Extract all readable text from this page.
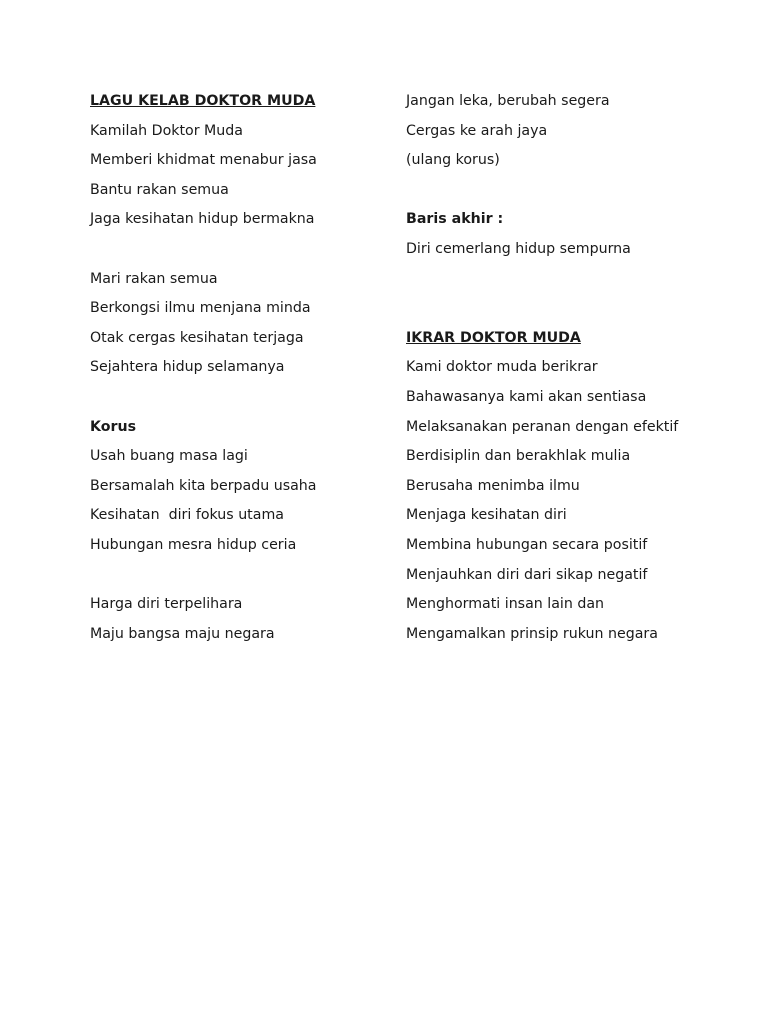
LAGU KELAB DOKTOR MUDA
Kamilah Doktor Muda
Memberi khidmat menabur jasa
Bantu rakan semua
Jaga kesihatan hidup bermakna
Mari rakan semua
Berkongsi ilmu menjana minda
Otak cergas kesihatan terjaga
Sejahtera hidup selamanya
Korus
Usah buang masa lagi
Bersamalah kita berpadu usaha
Kesihatan  diri fokus utama
Hubungan mesra hidup ceria
Harga diri terpelihara
Maju bangsa maju negara
Jangan leka, berubah segera
Cergas ke arah jaya
(ulang korus)
Baris akhir :
Diri cemerlang hidup sempurna
IKRAR DOKTOR MUDA
Kami doktor muda berikrar
Bahawasanya kami akan sentiasa
Melaksanakan peranan dengan efektif
Berdisiplin dan berakhlak mulia
Berusaha menimba ilmu
Menjaga kesihatan diri
Membina hubungan secara positif
Menjauhkan diri dari sikap negatif
Menghormati insan lain dan
Mengamalkan prinsip rukun negara
